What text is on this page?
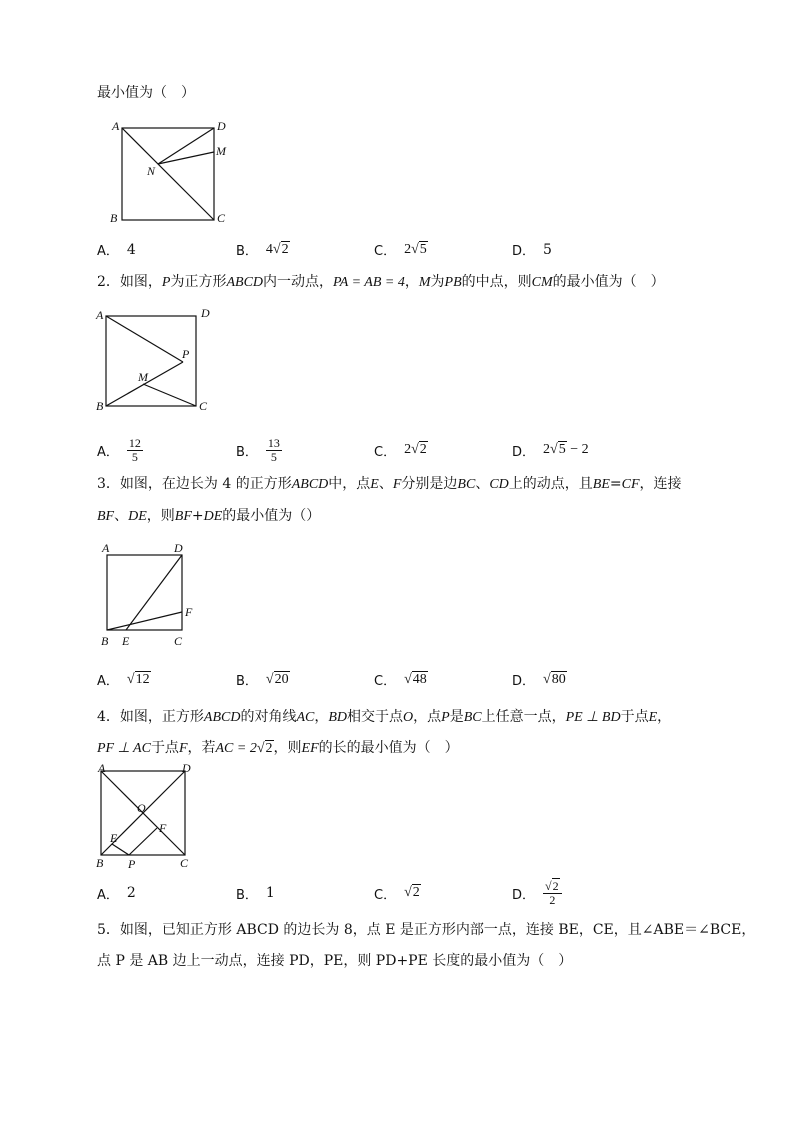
最小值为（　）
A	D
M
N
B	C
A． 4	B． 4√2	C． 2√5	D． 5
2．如图，P为正方形ABCD内一动点，PA = AB = 4，M为PB的中点，则CM的最小值为（　）
A	D
P
M
B	C
A． $\frac{12}{5}$	B． $\frac{13}{5}$	C． 2√2	D． 2√5 − 2
3．如图，在边长为 4 的正方形ABCD中，点E、F分别是边BC、CD上的动点，且BE=CF，连接
BF、DE，则BF+DE的最小值为（）
A	D
F
B E	C
A． √12	B． √20	C． √48	D． √80
4．如图，正方形ABCD的对角线AC，BD相交于点O，点P是BC上任意一点，PE ⊥ BD于点E，
PF ⊥ AC于点F，若AC = 2√2，则EF的长的最小值为（　）
A	D
O
F
E
B P	C
A． 2	B． 1	C． √2	D． $\frac{√2}{2}$
5．如图，已知正方形 ABCD 的边长为 8，点 E 是正方形内部一点，连接 BE，CE，且∠ABE＝∠BCE，
点 P 是 AB 边上一动点，连接 PD，PE，则 PD+PE 长度的最小值为（　）
